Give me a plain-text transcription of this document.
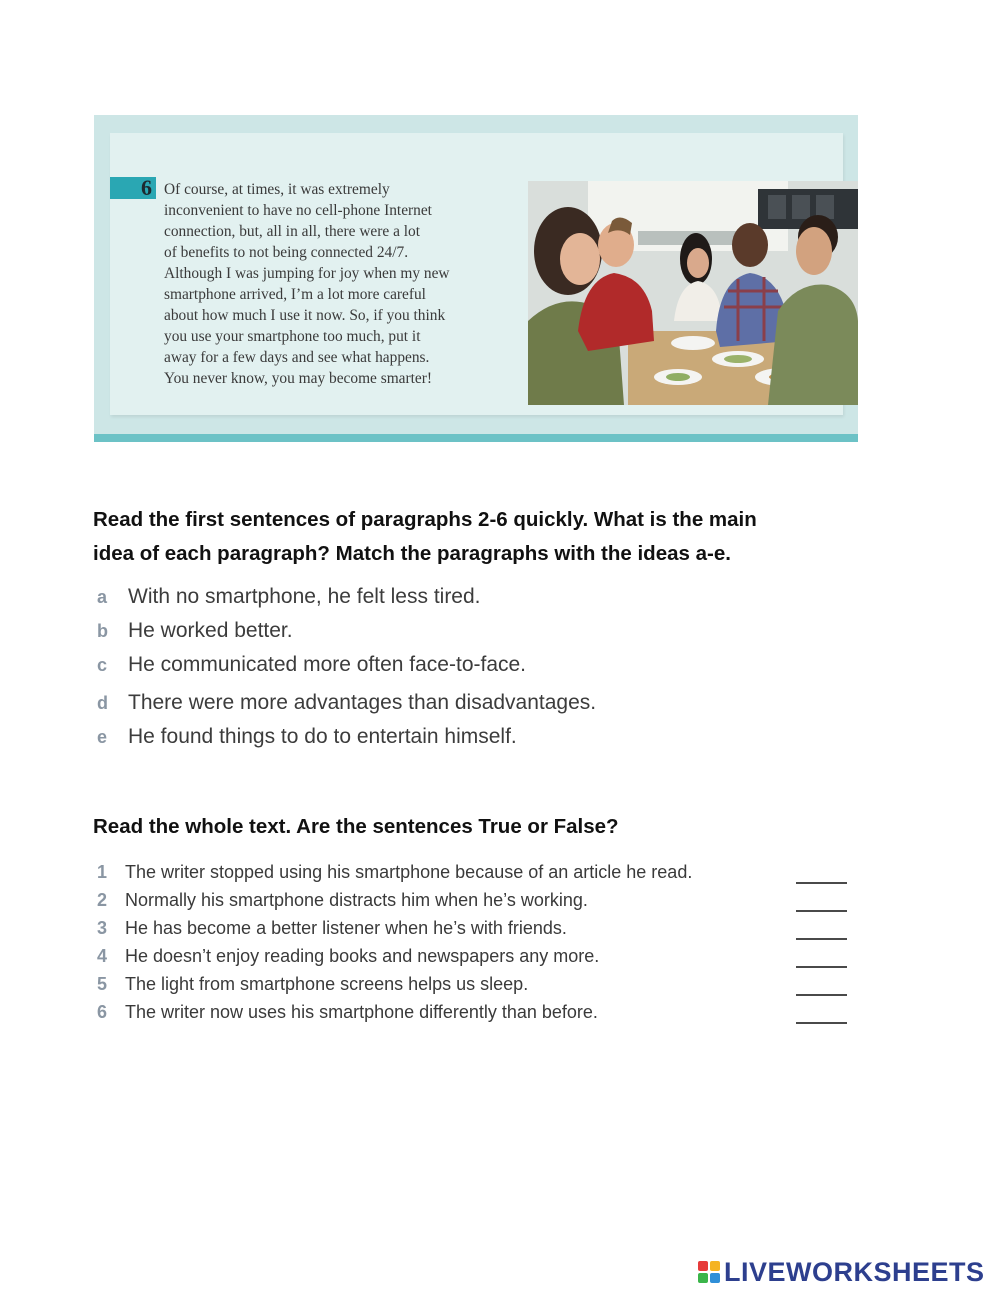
6 Of course, at times, it was extremely
inconvenient to have no cell-phone Internet
connection, but, all in all, there were a lot
of benefits to not being connected 24/7.
Although I was jumping for joy when my new
smartphone arrived, I’m a lot more careful
about how much I use it now. So, if you think
you use your smartphone too much, put it
away for a few days and see what happens.
You never know, you may become smarter!

Read the first sentences of paragraphs 2-6 quickly. What is the main
idea of each paragraph? Match the paragraphs with the ideas a-e.
a With no smartphone, he felt less tired.
b He worked better.
c He communicated more often face-to-face.
d There were more advantages than disadvantages.
e He found things to do to entertain himself.
Read the whole text. Are the sentences True or False?
1 The writer stopped using his smartphone because of an article he read.
2 Normally his smartphone distracts him when he’s working.
3 He has become a better listener when he’s with friends.
4 He doesn’t enjoy reading books and newspapers any more.
5 The light from smartphone screens helps us sleep.
6 The writer now uses his smartphone differently than before.
LIVEWORKSHEETS
